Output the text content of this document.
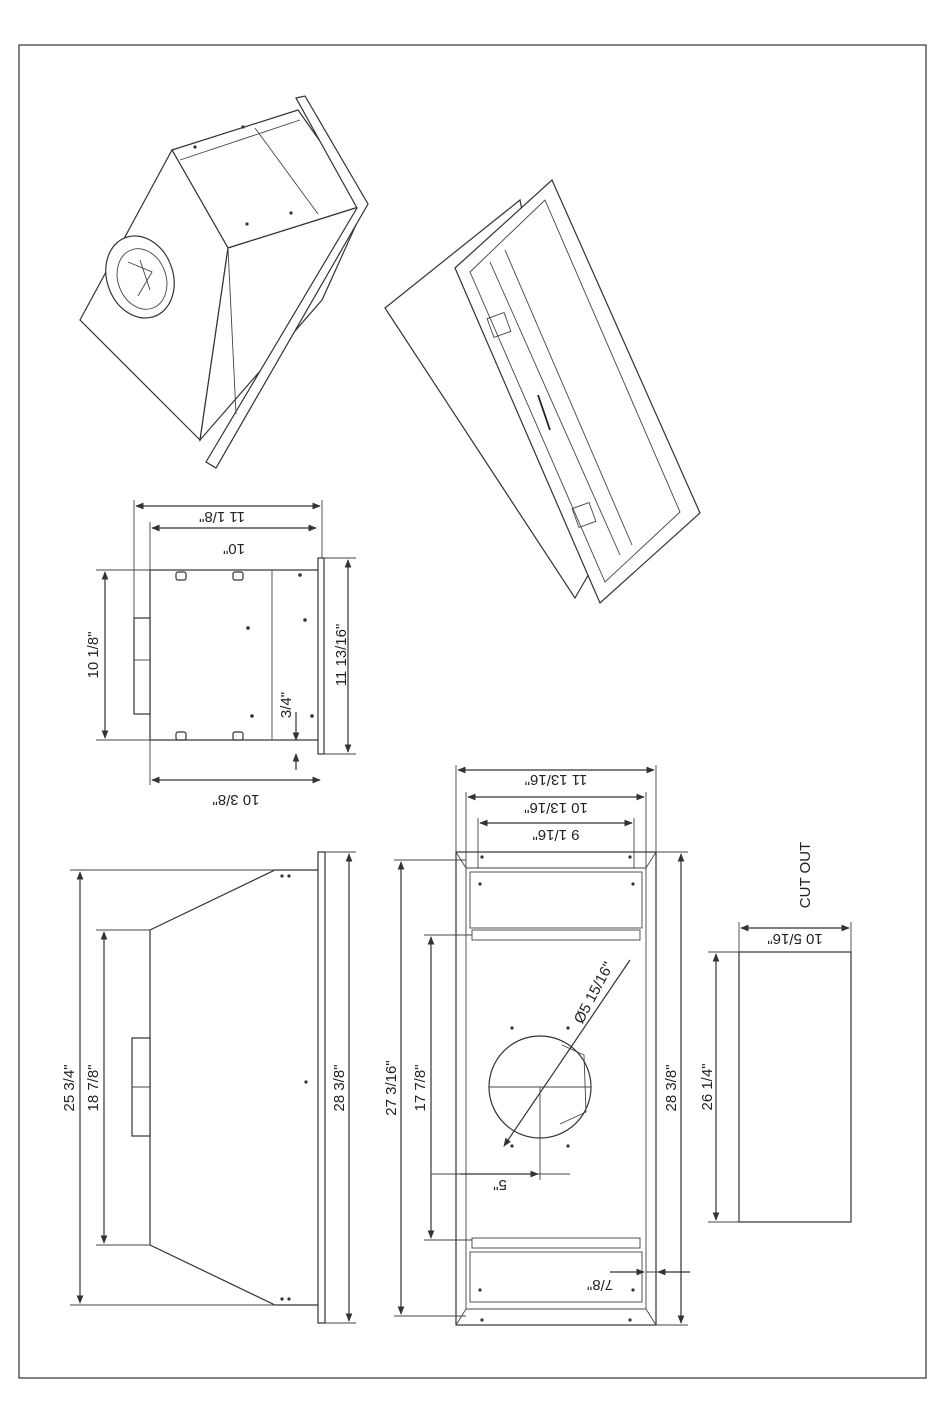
11 1/8"
10"
10 1/8"	11 13/16"
3/4"
10 3/8"
25 3/4" 18 7/8"	28 3/8"
11 13/16"
10 13/16"
9 1/16"
27 3/16" 17 7/8"	28 3/8"
Ø5 15/16"
5"
7/8"
CUT OUT
10 5/16"
26 1/4"
